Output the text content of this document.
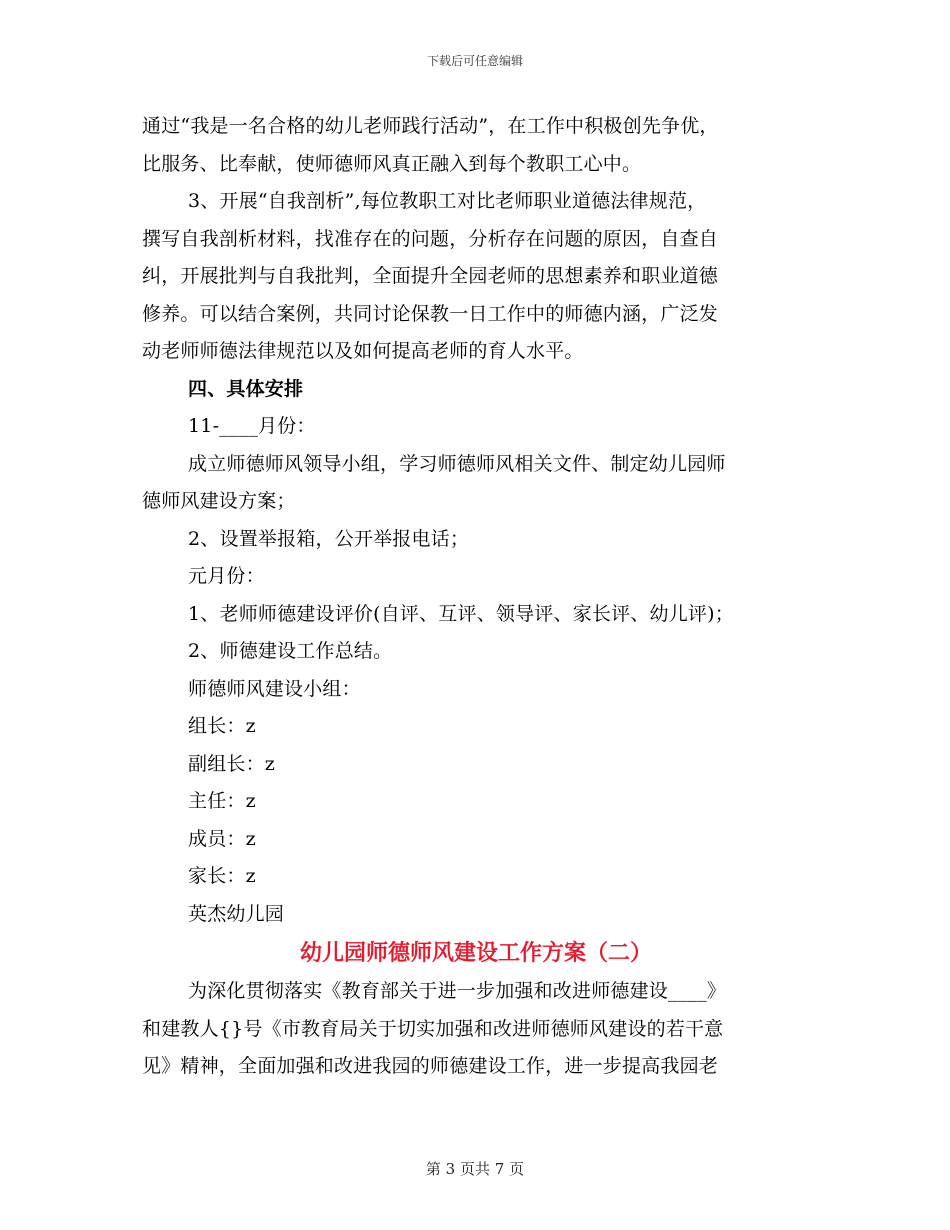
下载后可任意编辑
通过“我是一名合格的幼儿老师践行活动”，在工作中积极创先争优，
比服务、比奉献，使师德师风真正融入到每个教职工心中。
3、开展“自我剖析”,每位教职工对比老师职业道德法律规范，
撰写自我剖析材料，找准存在的问题，分析存在问题的原因，自查自
纠，开展批判与自我批判，全面提升全园老师的思想素养和职业道德
修养。可以结合案例，共同讨论保教一日工作中的师德内涵，广泛发
动老师师德法律规范以及如何提高老师的育人水平。
四、具体安排
11-____月份：
成立师德师风领导小组，学习师德师风相关文件、制定幼儿园师
德师风建设方案；
2、设置举报箱，公开举报电话；
元月份：
1、老师师德建设评价(自评、互评、领导评、家长评、幼儿评)；
2、师德建设工作总结。
师德师风建设小组：
组长：z
副组长：z
主任：z
成员：z
家长：z
英杰幼儿园
幼儿园师德师风建设工作方案（二）
为深化贯彻落实《教育部关于进一步加强和改进师德建设____》
和建教人{}号《市教育局关于切实加强和改进师德师风建设的若干意
见》精神，全面加强和改进我园的师德建设工作，进一步提高我园老
第 3 页共 7 页
